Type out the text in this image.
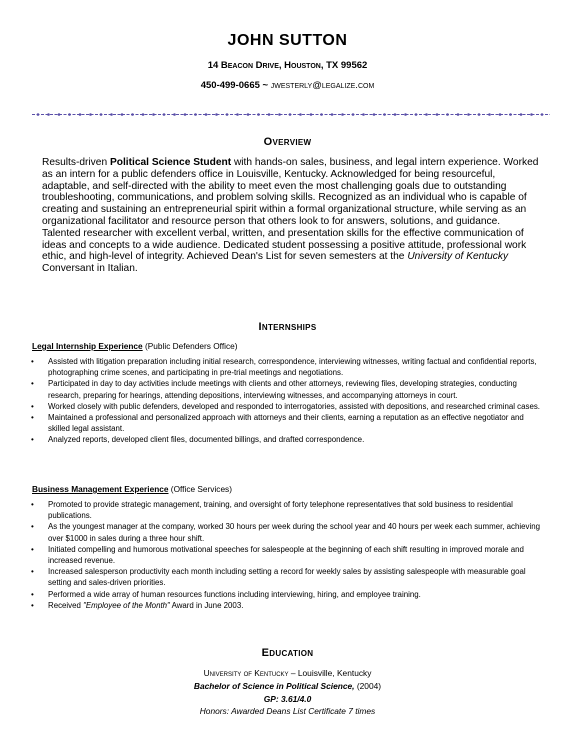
JOHN SUTTON
14 Beacon Drive, Houston, TX 99562
450-499-0665 ~ jwesterly@legalize.com
Overview
Results-driven Political Science Student with hands-on sales, business, and legal intern experience. Worked as an intern for a public defenders office in Louisville, Kentucky. Acknowledged for being resourceful, adaptable, and self-directed with the ability to meet even the most challenging goals due to outstanding troubleshooting, communications, and problem solving skills. Recognized as an individual who is capable of creating and sustaining an entrepreneurial spirit within a formal organizational structure, while serving as an organizational facilitator and resource person that others look to for answers, solutions, and guidance. Talented researcher with excellent verbal, written, and presentation skills for the effective communication of ideas and concepts to a wide audience. Dedicated student possessing a positive attitude, professional work ethic, and high-level of integrity. Achieved Dean's List for seven semesters at the University of Kentucky Conversant in Italian.
Internships
Legal Internship Experience (Public Defenders Office)
• Assisted with litigation preparation including initial research, correspondence, interviewing witnesses, writing factual and confidential reports, photographing crime scenes, and participating in pre-trial meetings and negotiations.
• Participated in day to day activities include meetings with clients and other attorneys, reviewing files, developing strategies, conducting research, preparing for hearings, attending depositions, interviewing witnesses, and accompanying attorneys in court.
• Worked closely with public defenders, developed and responded to interrogatories, assisted with depositions, and researched criminal cases.
• Maintained a professional and personalized approach with attorneys and their clients, earning a reputation as an effective negotiator and skilled legal assistant.
• Analyzed reports, developed client files, documented billings, and drafted correspondence.
Business Management Experience (Office Services)
• Promoted to provide strategic management, training, and oversight of forty telephone representatives that sold business to residential publications.
• As the youngest manager at the company, worked 30 hours per week during the school year and 40 hours per week each summer, achieving over $1000 in sales during a three hour shift.
• Initiated compelling and humorous motivational speeches for salespeople at the beginning of each shift resulting in improved morale and increased revenue.
• Increased salesperson productivity each month including setting a record for weekly sales by assisting salespeople with measurable goal setting and sales-driven priorities.
• Performed a wide array of human resources functions including interviewing, hiring, and employee training.
• Received "Employee of the Month" Award in June 2003.
Education
University of Kentucky – Louisville, Kentucky
Bachelor of Science in Political Science, (2004)
GP: 3.61/4.0
Honors: Awarded Deans List Certificate 7 times
